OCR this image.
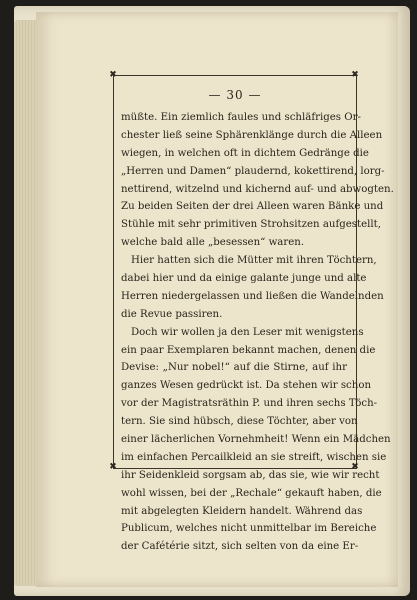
✖	✖
✖	✖
— 30 —
müßte. Ein ziemlich faules und schläfriges Or-
chester ließ seine Sphärenklänge durch die Alleen
wiegen, in welchen oft in dichtem Gedränge die
„Herren und Damen“ plaudernd, kokettirend, lorg-
nettirend, witzelnd und kichernd auf- und abwogten.
Zu beiden Seiten der drei Alleen waren Bänke und
Stühle mit sehr primitiven Strohsitzen aufgestellt,
welche bald alle „besessen“ waren.
Hier hatten sich die Mütter mit ihren Töchtern,
dabei hier und da einige galante junge und alte
Herren niedergelassen und ließen die Wandelnden
die Revue passiren.
Doch wir wollen ja den Leser mit wenigstens
ein paar Exemplaren bekannt machen, denen die
Devise: „Nur nobel!“ auf die Stirne, auf ihr
ganzes Wesen gedrückt ist. Da stehen wir schon
vor der Magistratsräthin P. und ihren sechs Töch-
tern. Sie sind hübsch, diese Töchter, aber von
einer lächerlichen Vornehmheit! Wenn ein Mädchen
im einfachen Percailkleid an sie streift, wischen sie
ihr Seidenkleid sorgsam ab, das sie, wie wir recht
wohl wissen, bei der „Rechale“ gekauft haben, die
mit abgelegten Kleidern handelt. Während das
Publicum, welches nicht unmittelbar im Bereiche
der Cafétérie sitzt, sich selten von da eine Er-
